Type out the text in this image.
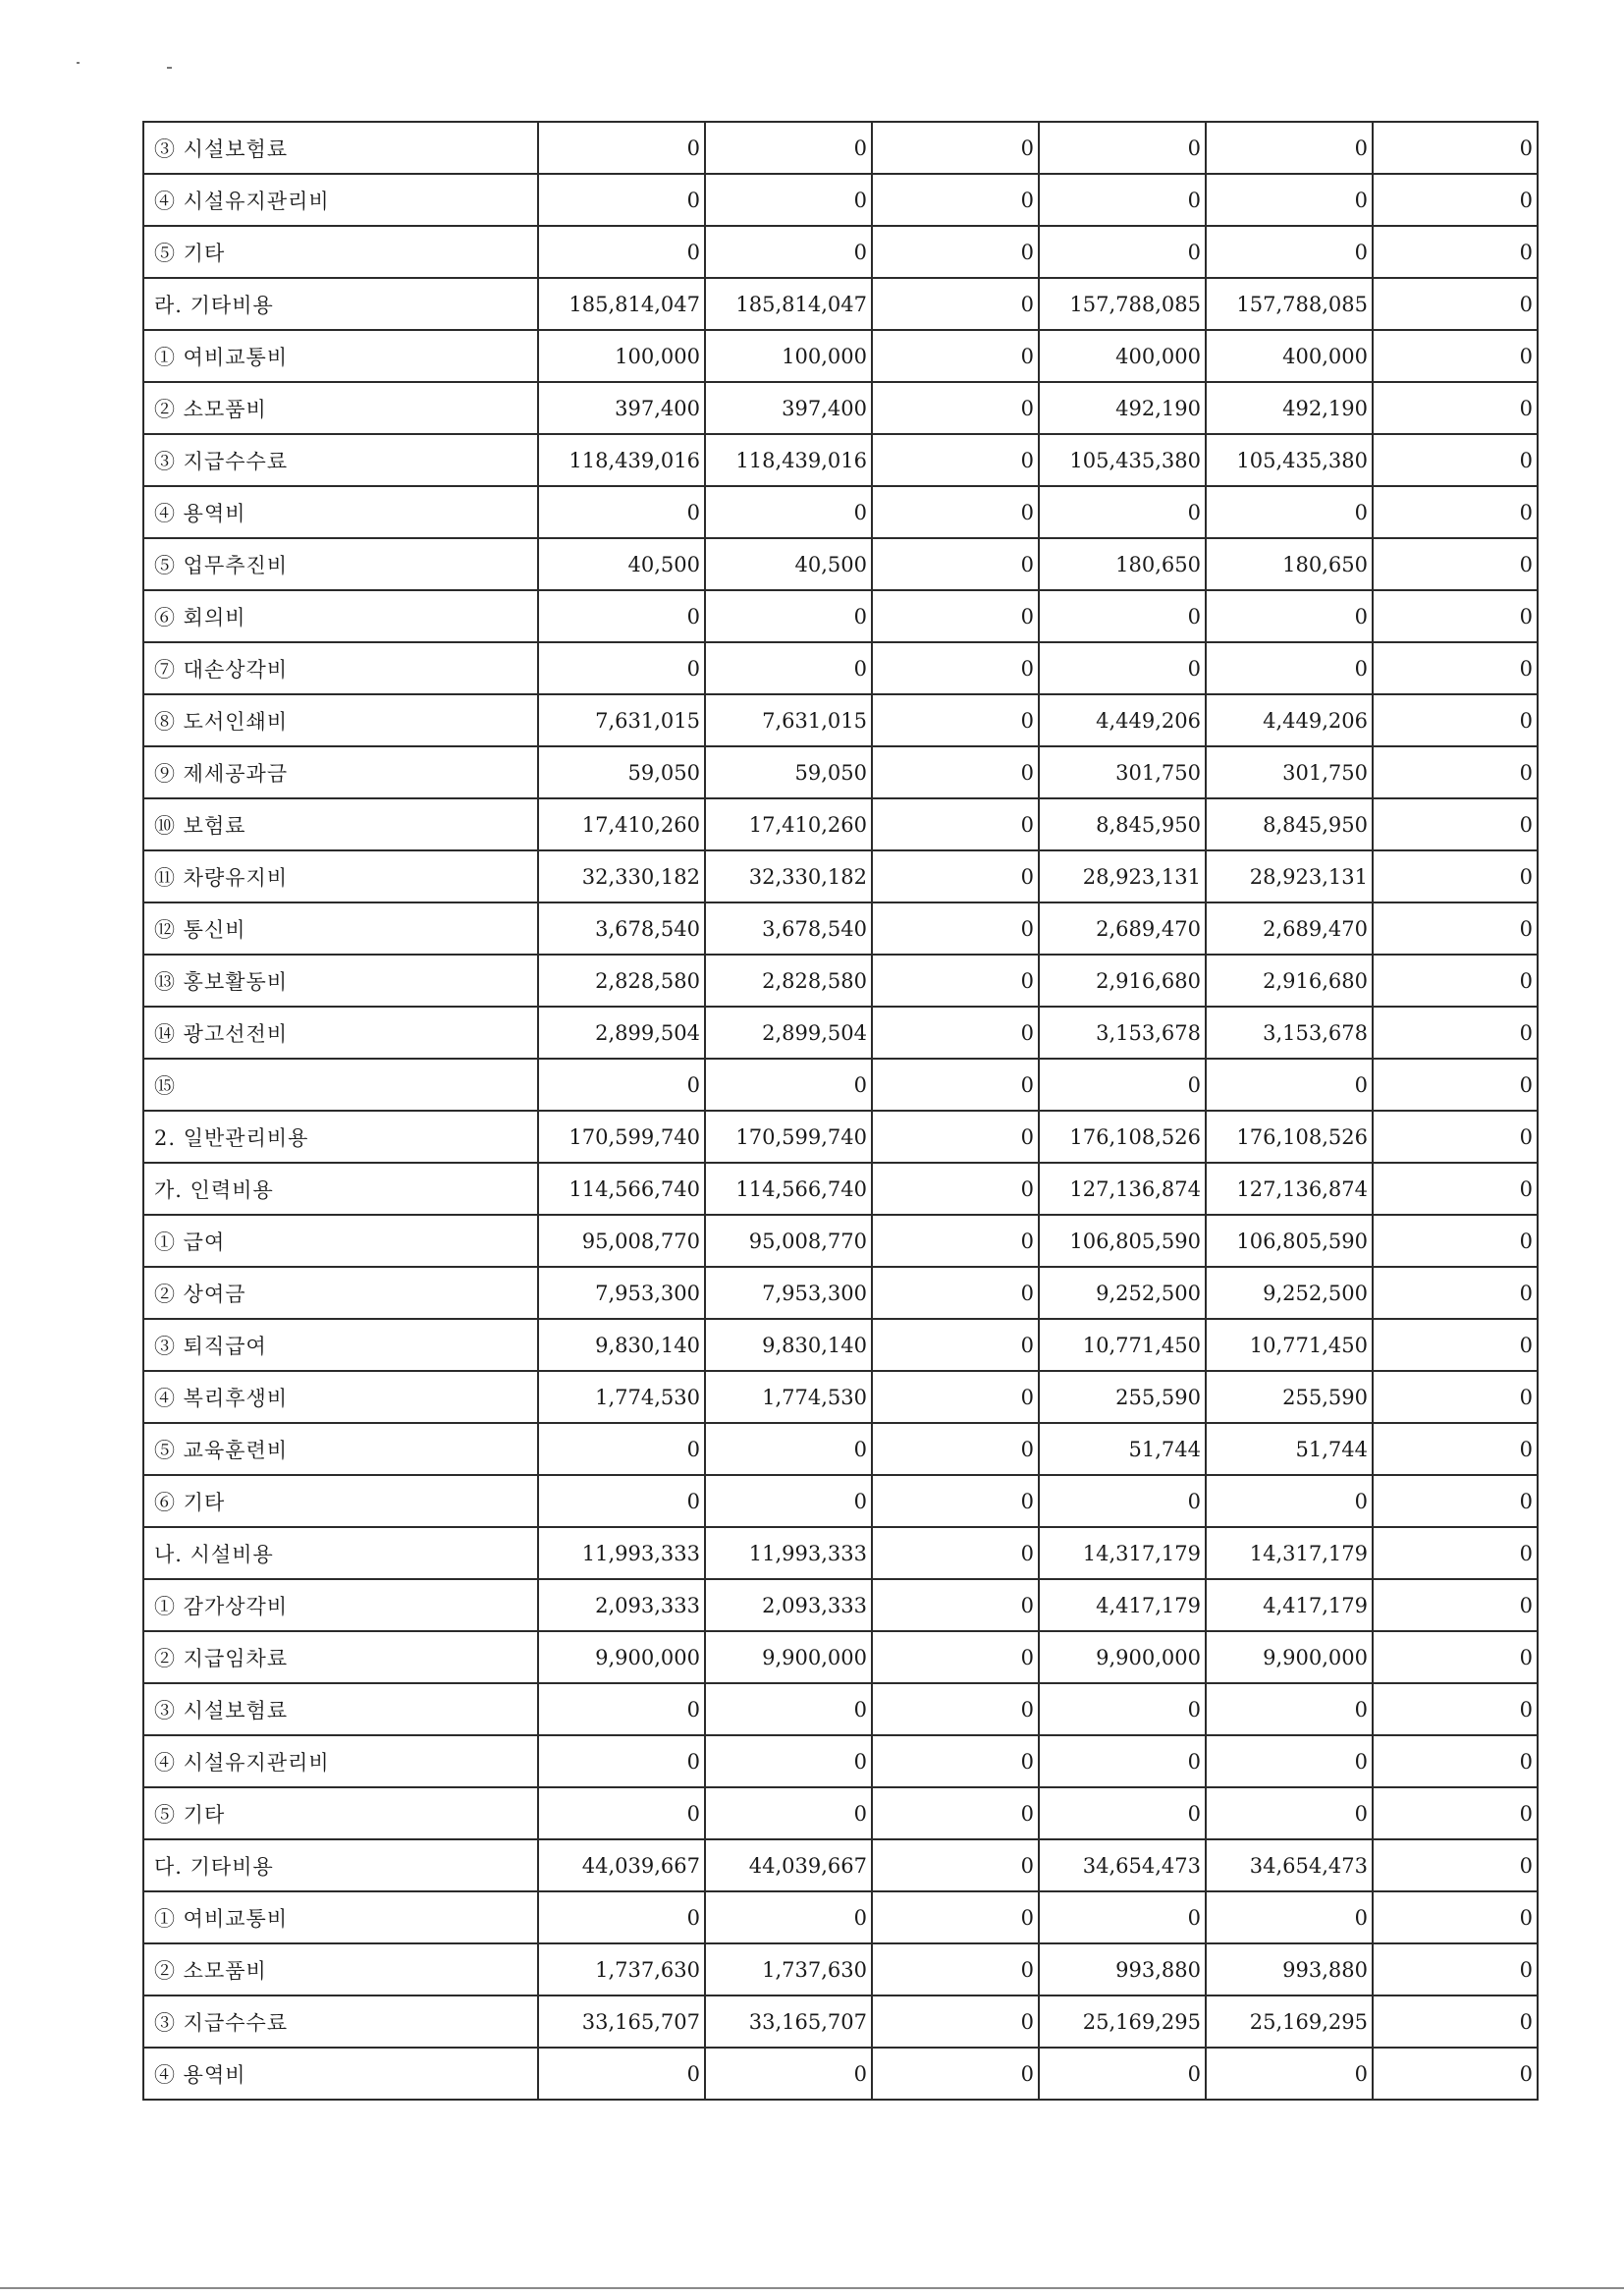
③ 시설보험료	0	0	0	0	0	0
④ 시설유지관리비	0	0	0	0	0	0
⑤ 기타	0	0	0	0	0	0
라. 기타비용	185,814,047	185,814,047	0	157,788,085	157,788,085	0
① 여비교통비	100,000	100,000	0	400,000	400,000	0
② 소모품비	397,400	397,400	0	492,190	492,190	0
③ 지급수수료	118,439,016	118,439,016	0	105,435,380	105,435,380	0
④ 용역비	0	0	0	0	0	0
⑤ 업무추진비	40,500	40,500	0	180,650	180,650	0
⑥ 회의비	0	0	0	0	0	0
⑦ 대손상각비	0	0	0	0	0	0
⑧ 도서인쇄비	7,631,015	7,631,015	0	4,449,206	4,449,206	0
⑨ 제세공과금	59,050	59,050	0	301,750	301,750	0
⑩ 보험료	17,410,260	17,410,260	0	8,845,950	8,845,950	0
⑪ 차량유지비	32,330,182	32,330,182	0	28,923,131	28,923,131	0
⑫ 통신비	3,678,540	3,678,540	0	2,689,470	2,689,470	0
⑬ 홍보활동비	2,828,580	2,828,580	0	2,916,680	2,916,680	0
⑭ 광고선전비	2,899,504	2,899,504	0	3,153,678	3,153,678	0
⑮	0	0	0	0	0	0
2. 일반관리비용	170,599,740	170,599,740	0	176,108,526	176,108,526	0
가. 인력비용	114,566,740	114,566,740	0	127,136,874	127,136,874	0
① 급여	95,008,770	95,008,770	0	106,805,590	106,805,590	0
② 상여금	7,953,300	7,953,300	0	9,252,500	9,252,500	0
③ 퇴직급여	9,830,140	9,830,140	0	10,771,450	10,771,450	0
④ 복리후생비	1,774,530	1,774,530	0	255,590	255,590	0
⑤ 교육훈련비	0	0	0	51,744	51,744	0
⑥ 기타	0	0	0	0	0	0
나. 시설비용	11,993,333	11,993,333	0	14,317,179	14,317,179	0
① 감가상각비	2,093,333	2,093,333	0	4,417,179	4,417,179	0
② 지급임차료	9,900,000	9,900,000	0	9,900,000	9,900,000	0
③ 시설보험료	0	0	0	0	0	0
④ 시설유지관리비	0	0	0	0	0	0
⑤ 기타	0	0	0	0	0	0
다. 기타비용	44,039,667	44,039,667	0	34,654,473	34,654,473	0
① 여비교통비	0	0	0	0	0	0
② 소모품비	1,737,630	1,737,630	0	993,880	993,880	0
③ 지급수수료	33,165,707	33,165,707	0	25,169,295	25,169,295	0
④ 용역비	0	0	0	0	0	0
